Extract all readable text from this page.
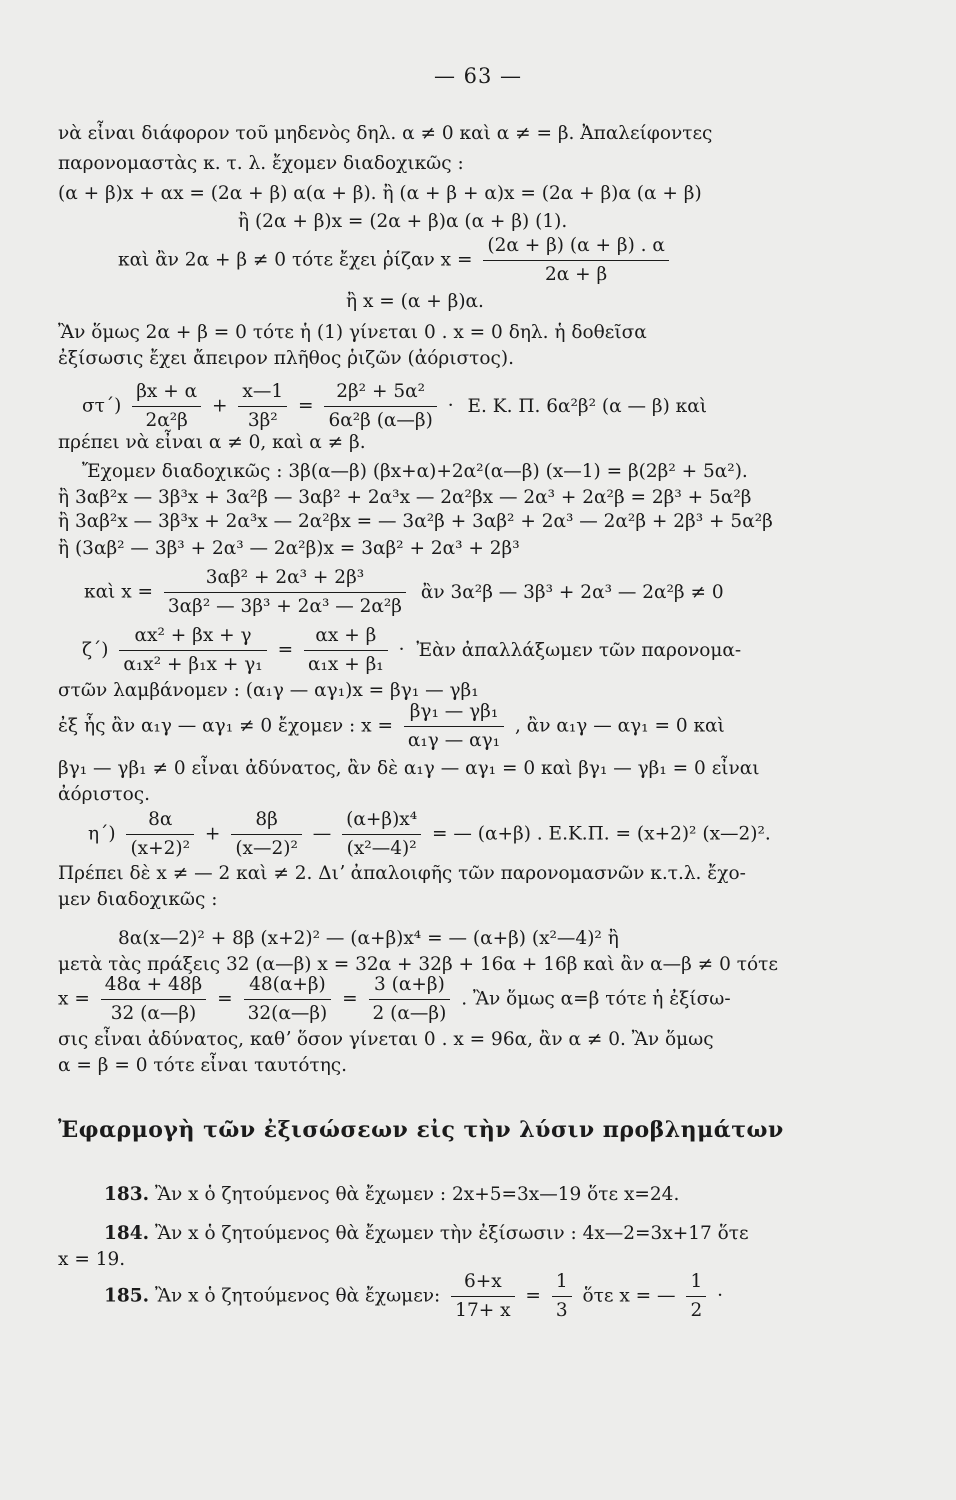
— 63 —
νὰ εἶναι διάφορον τοῦ μηδενὸς δηλ. α ≠ 0 καὶ α ≠ = β. Ἀπαλείφοντες
παρονομαστὰς κ. τ. λ. ἔχομεν διαδοχικῶς :
(α + β)x + αx = (2α + β) α(α + β). ἢ (α + β + α)x = (2α + β)α (α + β)
ἢ (2α + β)x = (2α + β)α (α + β) (1).
καὶ ἂν 2α + β ≠ 0 τότε ἔχει ῥίζαν $x = \frac{(2\alpha + \beta) (\alpha + \beta) . \alpha}{2\alpha + \beta}$
ἢ x = (α + β)α.
Ἂν ὅμως 2α + β = 0 τότε ἡ (1) γίνεται 0 . x = 0 δηλ. ἡ δοθεῖσα
ἐξίσωσις ἔχει ἄπειρον πλῆθος ῥιζῶν (ἀόριστος).
στ´) $\frac{\beta x + \alpha}{\text{2α²β}} + \frac{x—1}{\text{3β²}} = \frac{\text{2β² + 5α²}}{\text{6α²β (α—β)}} \cdot E$. K. Π. 6α²β² (α — β) καὶ
πρέπει νὰ εἶναι α ≠ 0, καὶ α ≠ β.
Ἔχομεν διαδοχικῶς : 3β(α—β) (βx+α)+2α²(α—β) (x—1) = β(2β² + 5α²).
ἢ 3αβ²x — 3β³x + 3α²β — 3αβ² + 2α³x — 2α²βx — 2α³ + 2α²β = 2β³ + 5α²β
ἢ 3αβ²x — 3β³x + 2α³x — 2α²βx = — 3α²β + 3αβ² + 2α³ — 2α²β + 2β³ + 5α²β
ἢ (3αβ² — 3β³ + 2α³ — 2α²β)x = 3αβ² + 2α³ + 2β³
καὶ $x = \frac{\text{3αβ² + 2α³ + 2β³}}{\text{3αβ² — 3β³ + 2α³ — 2α²β}}$ ἂν 3α²β — 3β³ + 2α³ — 2α²β ≠ 0
ζ´) $\frac{\text{αx² + βx + γ}}{\text{α₁x² + β₁x + γ₁}} = \frac{\alpha x + \beta}{\text{α₁x + β₁}}$ · Ἐὰν ἀπαλλάξωμεν τῶν παρονομα-
στῶν λαμβάνομεν : (α₁γ — αγ₁)x = βγ₁ — γβ₁
ἐξ ἧς ἂν α₁γ — αγ₁ ≠ 0 ἔχομεν : $x = \frac{\text{βγ₁ — γβ₁}}{\text{α₁γ — αγ₁}}$ , ἂν α₁γ — αγ₁ = 0 καὶ
βγ₁ — γβ₁ ≠ 0 εἶναι ἀδύνατος, ἂν δὲ α₁γ — αγ₁ = 0 καὶ βγ₁ — γβ₁ = 0 εἶναι
ἀόριστος.
η´) $\frac{8\alpha}{\text{(x+2)²}} + \frac{8\beta}{\text{(x—2)²}}$ — $\frac{\text{(α+β)x⁴}}{\text{(x²—4)²}}$ = — (α+β) . E.K.Π. = (x+2)² (x—2)².
Πρέπει δὲ x ≠ — 2 καὶ ≠ 2. Διʼ ἀπαλοιφῆς τῶν παρονομασνῶν κ.τ.λ. ἔχο-
μεν διαδοχικῶς :
8α(x—2)² + 8β (x+2)² — (α+β)x⁴ = — (α+β) (x²—4)² ἢ
μετὰ τὰς πράξεις 32 (α—β) x = 32α + 32β + 16α + 16β καὶ ἂν α—β ≠ 0 τότε
$x = \frac{48\alpha + 48\beta}{32 (\alpha—\beta)} = \frac{48(\alpha+\beta)}{32(\alpha—\beta)} = \frac{3 (\alpha+\beta)}{2 (\alpha—\beta)}$ . Ἂν ὅμως α=β τότε ἡ ἐξίσω-
σις εἶναι ἀδύνατος, καθʼ ὅσον γίνεται 0 . x = 96α, ἂν α ≠ 0. Ἂν ὅμως
α = β = 0 τότε εἶναι ταυτότης.
Ἐφαρμογὴ τῶν ἐξισώσεων εἰς τὴν λύσιν προβλημάτων
183. Ἂν x ὁ ζητούμενος θὰ ἔχωμεν : 2x+5=3x—19 ὅτε x=24.
184. Ἂν x ὁ ζητούμενος θὰ ἔχωμεν τὴν ἐξίσωσιν : 4x—2=3x+17 ὅτε
x = 19.
185. Ἂν x ὁ ζητούμενος θὰ ἔχωμεν: $\frac{6+x}{17+ x} = \frac{1}{3}$ ὅτε x = — $\frac{1}{2}$ ·
